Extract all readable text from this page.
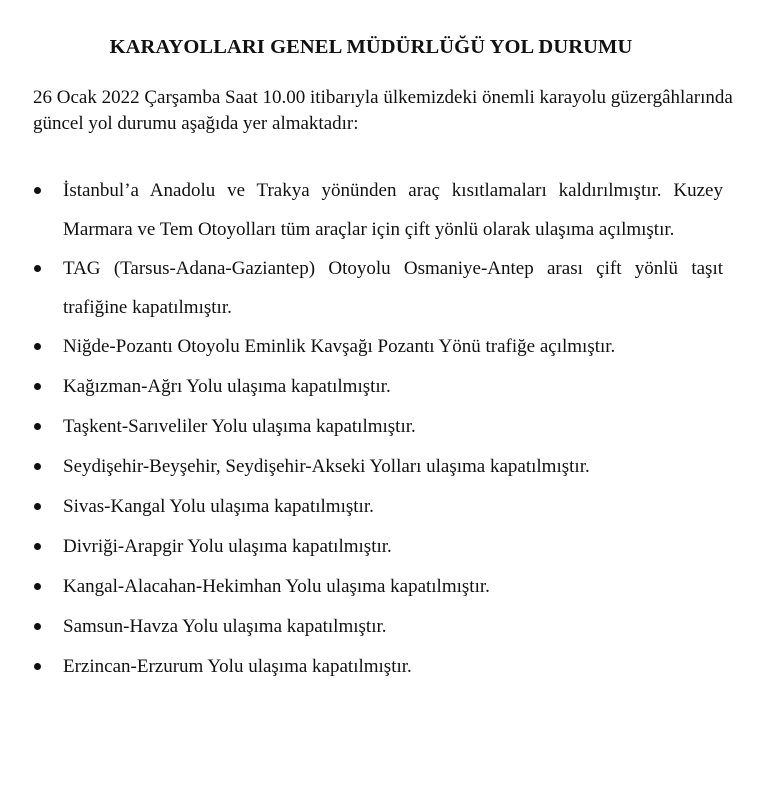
KARAYOLLARI GENEL MÜDÜRLÜĞÜ YOL DURUMU
26 Ocak 2022 Çarşamba Saat 10.00 itibarıyla ülkemizdeki önemli karayolu güzergâhlarında güncel yol durumu aşağıda yer almaktadır:
İstanbul’a Anadolu ve Trakya yönünden araç kısıtlamaları kaldırılmıştır. Kuzey Marmara ve Tem Otoyolları tüm araçlar için çift yönlü olarak ulaşıma açılmıştır.
TAG (Tarsus-Adana-Gaziantep) Otoyolu Osmaniye-Antep arası çift yönlü taşıt trafiğine kapatılmıştır.
Niğde-Pozantı Otoyolu Eminlik Kavşağı Pozantı Yönü trafiğe açılmıştır.
Kağızman-Ağrı Yolu ulaşıma kapatılmıştır.
Taşkent-Sarıveliler Yolu ulaşıma kapatılmıştır.
Seydişehir-Beyşehir, Seydişehir-Akseki Yolları ulaşıma kapatılmıştır.
Sivas-Kangal Yolu ulaşıma kapatılmıştır.
Divriği-Arapgir Yolu ulaşıma kapatılmıştır.
Kangal-Alacahan-Hekimhan Yolu ulaşıma kapatılmıştır.
Samsun-Havza Yolu ulaşıma kapatılmıştır.
Erzincan-Erzurum Yolu ulaşıma kapatılmıştır.
